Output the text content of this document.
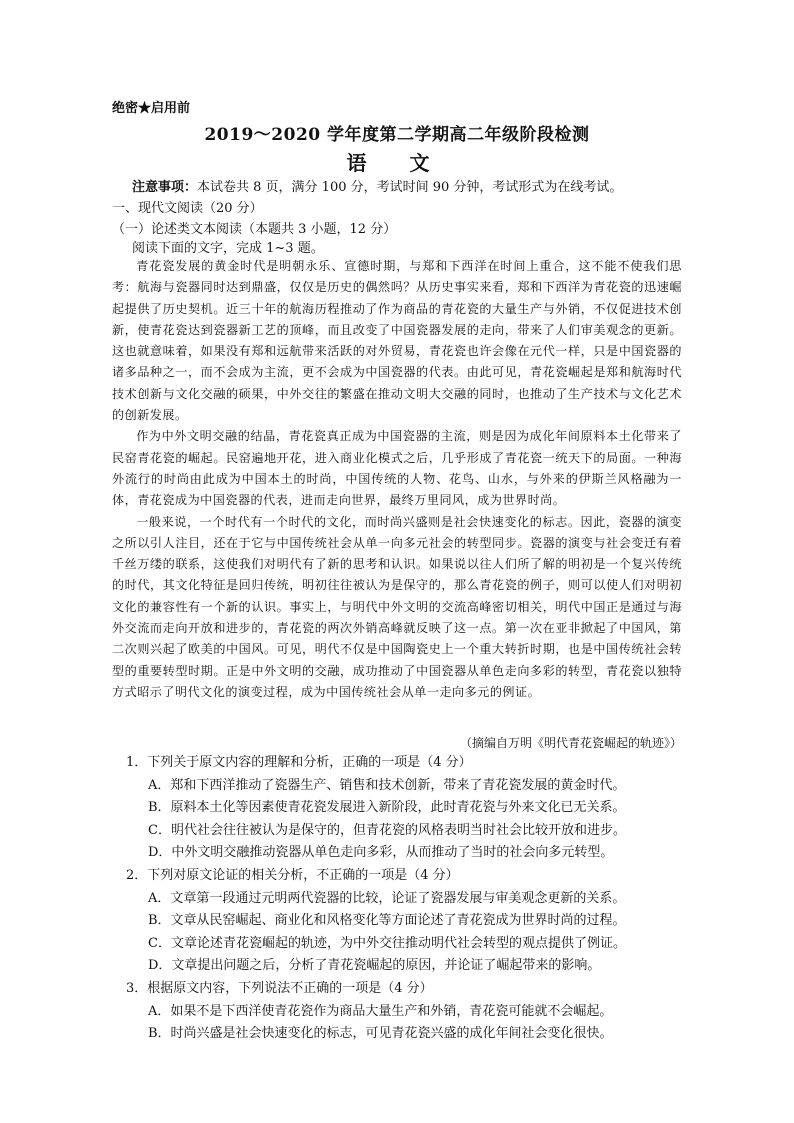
绝密★启用前
2019～2020 学年度第二学期高二年级阶段检测
语 文
注意事项：本试卷共 8 页，满分 100 分，考试时间 90 分钟，考试形式为在线考试。
一、现代文阅读（20 分）
（一）论述类文本阅读（本题共 3 小题，12 分）
阅读下面的文字，完成 1~3 题。

青花瓷发展的黄金时代是明朝永乐、宣德时期，与郑和下西洋在时间上重合，这不能不使我们思考：航海与瓷器同时达到鼎盛，仅仅是历史的偶然吗？从历史事实来看，郑和下西洋为青花瓷的迅速崛起提供了历史契机。近三十年的航海历程推动了作为商品的青花瓷的大量生产与外销，不仅促进技术创新，使青花瓷达到瓷器新工艺的顶峰，而且改变了中国瓷器发展的走向，带来了人们审美观念的更新。这也就意味着，如果没有郑和远航带来活跃的对外贸易，青花瓷也许会像在元代一样，只是中国瓷器的诸多品种之一，而不会成为主流，更不会成为中国瓷器的代表。由此可见，青花瓷崛起是郑和航海时代技术创新与文化交融的硕果，中外交往的繁盛在推动文明大交融的同时，也推动了生产技术与文化艺术的创新发展。

作为中外文明交融的结晶，青花瓷真正成为中国瓷器的主流，则是因为成化年间原料本土化带来了民窑青花瓷的崛起。民窑遍地开花，进入商业化模式之后，几乎形成了青花瓷一统天下的局面。一种海外流行的时尚由此成为中国本土的时尚，中国传统的人物、花鸟、山水，与外来的伊斯兰风格融为一体，青花瓷成为中国瓷器的代表，进而走向世界，最终万里同风，成为世界时尚。

一般来说，一个时代有一个时代的文化，而时尚兴盛则是社会快速变化的标志。因此，瓷器的演变之所以引人注目，还在于它与中国传统社会从单一向多元社会的转型同步。瓷器的演变与社会变迁有着千丝万缕的联系，这使我们对明代有了新的思考和认识。如果说以往人们所了解的明初是一个复兴传统的时代，其文化特征是回归传统，明初往往被认为是保守的，那么青花瓷的例子，则可以使人们对明初文化的兼容性有一个新的认识。事实上，与明代中外文明的交流高峰密切相关，明代中国正是通过与海外交流而走向开放和进步的，青花瓷的两次外销高峰就反映了这一点。第一次在亚非掀起了中国风，第二次则兴起了欧美的中国风。可见，明代不仅是中国陶瓷史上一个重大转折时期，也是中国传统社会转型的重要转型时期。正是中外文明的交融，成功推动了中国瓷器从单色走向多彩的转型，青花瓷以独特方式昭示了明代文化的演变过程，成为中国传统社会从单一走向多元的例证。

（摘编自万明《明代青花瓷崛起的轨迹》）
1．下列关于原文内容的理解和分析，正确的一项是（4 分）
A．郑和下西洋推动了瓷器生产、销售和技术创新，带来了青花瓷发展的黄金时代。
B．原料本土化等因素使青花瓷发展进入新阶段，此时青花瓷与外来文化已无关系。
C．明代社会往往被认为是保守的，但青花瓷的风格表明当时社会比较开放和进步。
D．中外文明交融推动瓷器从单色走向多彩，从而推动了当时的社会向多元转型。
2．下列对原文论证的相关分析，不正确的一项是（4 分）
A．文章第一段通过元明两代瓷器的比较，论证了瓷器发展与审美观念更新的关系。
B．文章从民窑崛起、商业化和风格变化等方面论述了青花瓷成为世界时尚的过程。
C．文章论述青花瓷崛起的轨迹，为中外交往推动明代社会转型的观点提供了例证。
D．文章提出问题之后，分析了青花瓷崛起的原因，并论证了崛起带来的影响。
3．根据原文内容，下列说法不正确的一项是（4 分）
A．如果不是下西洋使青花瓷作为商品大量生产和外销，青花瓷可能就不会崛起。
B．时尚兴盛是社会快速变化的标志，可见青花瓷兴盛的成化年间社会变化很快。
